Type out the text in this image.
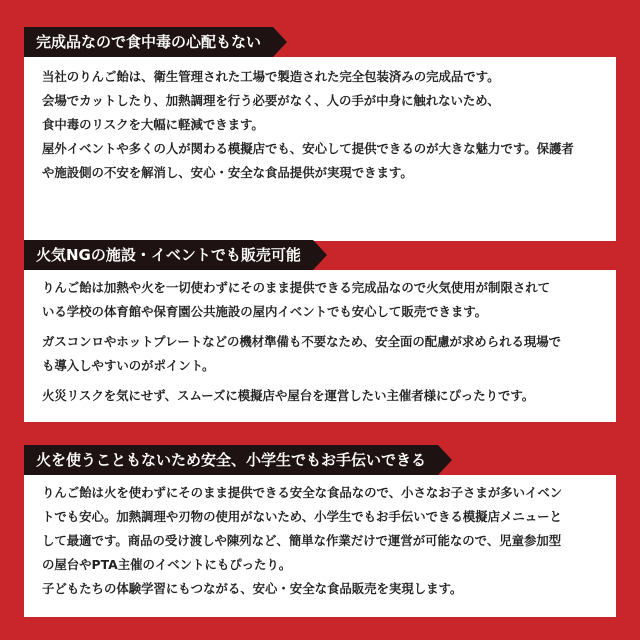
完成品なので食中毒の心配もない
当社のりんご飴は、衛生管理された工場で製造された完全包装済みの完成品です。
会場でカットしたり、加熱調理を行う必要がなく、人の手が中身に触れないため、
食中毒のリスクを大幅に軽減できます。
屋外イベントや多くの人が関わる模擬店でも、安心して提供できるのが大きな魅力です。保護者
や施設側の不安を解消し、安心・安全な食品提供が実現できます。
火気NGの施設・イベントでも販売可能
りんご飴は加熱や火を一切使わずにそのまま提供できる完成品なので火気使用が制限されて
いる学校の体育館や保育園公共施設の屋内イベントでも安心して販売できます。
ガスコンロやホットプレートなどの機材準備も不要なため、安全面の配慮が求められる現場で
も導入しやすいのがポイント。
火災リスクを気にせず、スムーズに模擬店や屋台を運営したい主催者様にぴったりです。
火を使うこともないため安全、小学生でもお手伝いできる
りんご飴は火を使わずにそのまま提供できる安全な食品なので、小さなお子さまが多いイベン
トでも安心。加熱調理や刃物の使用がないため、小学生でもお手伝いできる模擬店メニューと
して最適です。商品の受け渡しや陳列など、簡単な作業だけで運営が可能なので、児童参加型
の屋台やPTA主催のイベントにもぴったり。
子どもたちの体験学習にもつながる、安心・安全な食品販売を実現します。
